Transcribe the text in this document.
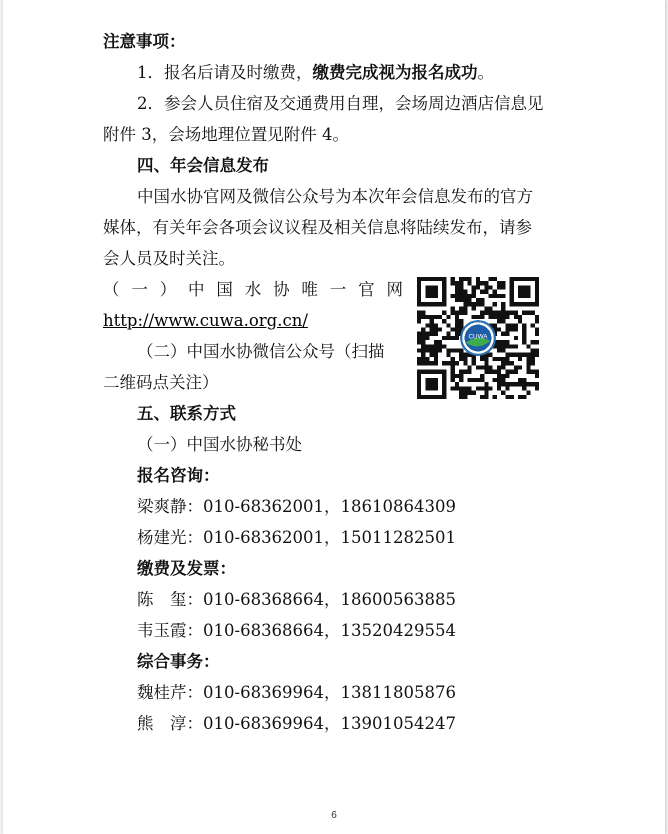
注意事项：
1．报名后请及时缴费，缴费完成视为报名成功。
2．参会人员住宿及交通费用自理，会场周边酒店信息见
附件 3，会场地理位置见附件 4。
四、年会信息发布
中国水协官网及微信公众号为本次年会信息发布的官方
媒体，有关年会各项会议议程及相关信息将陆续发布，请参
会人员及时关注。
（ 一 ） 中 国 水 协 唯 一 官 网
http://www.cuwa.org.cn/
（二）中国水协微信公众号（扫描
二维码点关注）
五、联系方式
（一）中国水协秘书处
报名咨询：
梁爽静：010-68362001，18610864309
杨建光：010-68362001，15011282501
缴费及发票：
陈　玺：010-68368664，18600563885
韦玉霞：010-68368664，13520429554
综合事务：
魏桂芹：010-68369964，13811805876
熊　淳：010-68369964，13901054247
CUWA
6
